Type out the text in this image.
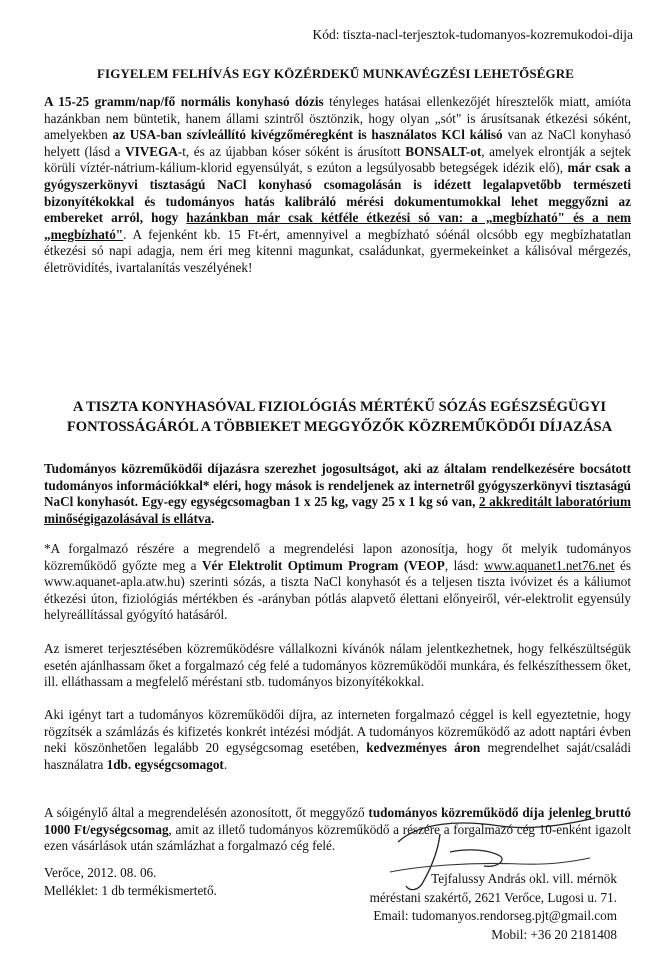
Kód: tiszta-nacl-terjesztok-tudomanyos-kozremukodoi-dija
FIGYELEM FELHÍVÁS EGY KÖZÉRDEKŰ MUNKAVÉGZÉSI LEHETŐSÉGRE
A 15-25 gramm/nap/fő normális konyhasó dózis tényleges hatásai ellenkezőjét híresztelők miatt, amiótа hazánkban nem büntetik, hanem állami szintről ösztönzik, hogy olyan „sót" is árusítsanak étkezési sóként, amelyekben az USA-ban szívleállító kivégzőméregként is használatos KCl kálisó van az NaCl konyhasó helyett (lásd a VIVEGA-t, és az újabban kóser sóként is árusított BONSALT-ot, amelyek elrontják a sejtek körüli víztér-nátrium-kálium-klorid egyensúlyát, s ezúton a legsúlyosabb betegségek idézik elő), már csak a gyógyszerkönyvi tisztaságú NaCl konyhasó csomagolásán is idézett legalapvetőbb természeti bizonyítékokkal és tudományos hatás kalibráló mérési dokumentumokkal lehet meggyőzni az embereket arról, hogy hazánkban már csak kétféle étkezési só van: a „megbízható" és a nem „megbízható". A fejenként kb. 15 Ft-ért, amennyivel a megbízható sóénál olcsóbb egy megbízhatatlan étkezési só napi adagja, nem éri meg kitenni magunkat, családunkat, gyermekeinket a kálisóval mérgezés, életrövidítés, ivartalanítás veszélyének!
A TISZTA KONYHASÓVAL FIZIOLÓGIÁS MÉRTÉKŰ SÓZÁS EGÉSZSÉGÜGYI
FONTOSSÁGÁRÓL A TÖBBIEKET MEGGYŐZŐK KÖZREMŰKÖDŐI DÍJAZÁSA
Tudományos közreműködői díjazásra szerezhet jogosultságot, aki az általam rendelkezésére bocsátott tudományos információkkal* eléri, hogy mások is rendeljenek az internetről gyógyszerkönyvi tisztaságú NaCl konyhasót. Egy-egy egységcsomagban 1 x 25 kg, vagy 25 x 1 kg só van, 2 akkreditált laboratórium minőségigazolásával is ellátva.
*A forgalmazó részére a megrendelő a megrendelési lapon azonosítja, hogy őt melyik tudományos közreműködő győzte meg a Vér Elektrolit Optimum Program (VEOP, lásd: www.aquanet1.net76.net és www.aquanet-apla.atw.hu) szerinti sózás, a tiszta NaCl konyhasót és a teljesen tiszta ivóvizet és a káliumot étkezési úton, fiziológiás mértékben és -arányban pótlás alapvető élettani előnyeiről, vér-elektrolit egyensúly helyreállítással gyógyító hatásáról.
Az ismeret terjesztésében közreműködésre vállalkozni kívánók nálam jelentkezhetnek, hogy felkészültségük esetén ajánlhassam őket a forgalmazó cég felé a tudományos közreműködői munkára, és felkészíthessem őket, ill. elláthassam a megfelelő méréstani stb. tudományos bizonyítékokkal.
Aki igényt tart a tudományos közreműködői díjra, az interneten forgalmazó céggel is kell egyeztetnie, hogy rögzítsék a számlázás és kifizetés konkrét intézési módját. A tudományos közreműködő az adott naptári évben neki köszönhetően legalább 20 egységcsomag esetében, kedvezményes áron megrendelhet saját/családi használatra 1db. egységcsomagot.
A sóigénylő által a megrendelésén azonosított, őt meggyőző tudományos közreműködő díja jelenleg bruttó 1000 Ft/egységcsomag, amit az illető tudományos közreműködő a részére a forgalmazó cég 10-enként igazolt ezen vásárlások után számlázhat a forgalmazó cég felé.
Verőce, 2012. 08. 06.
Melléklet: 1 db termékismertető.
Tejfalussy András okl. vill. mérnök
méréstani szakértő, 2621 Verőce, Lugosi u. 71.
Email: tudomanyos.rendorseg.pjt@gmail.com
Mobil: +36 20 2181408
